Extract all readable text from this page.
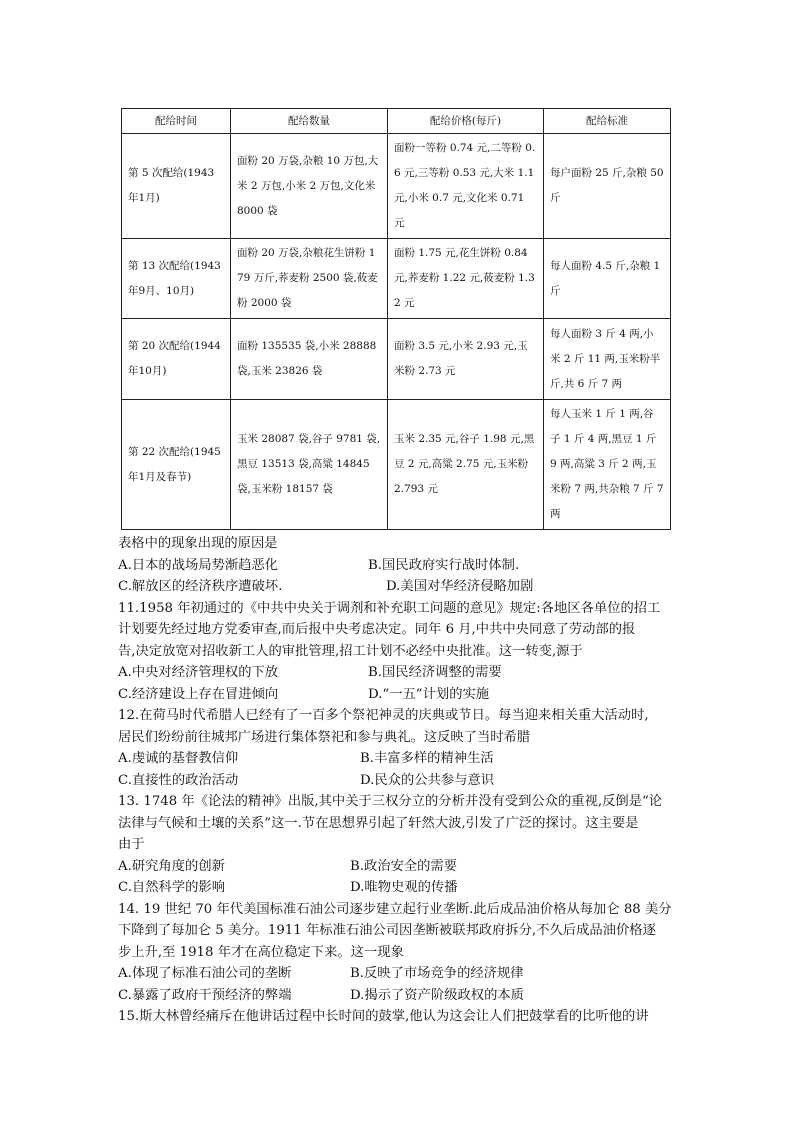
配给时间	配给数量	配给价格(每斤)	配给标准
第 5 次配给(1943年1月)	面粉 20 万袋,杂粮 10 万包,大米 2 万包,小米 2 万包,文化米 8000 袋	面粉一等粉 0.74 元,二等粉 0.6 元,三等粉 0.53 元,大米 1.1 元,小米 0.7 元,文化米 0.71 元	每户面粉 25 斤,杂粮 50 斤
第 13 次配给(1943年9月、10月)	面粉 20 万袋,杂粮花生饼粉 179 万斤,荞麦粉 2500 袋,莜麦粉 2000 袋	面粉 1.75 元,花生饼粉 0.84 元,荞麦粉 1.22 元,莜麦粉 1.32 元	每人面粉 4.5 斤,杂粮 1 斤
第 20 次配给(1944年10月)	面粉 135535 袋,小米 28888 袋,玉米 23826 袋	面粉 3.5 元,小米 2.93 元,玉米粉 2.73 元	每人面粉 3 斤 4 两,小米 2 斤 11 两,玉米粉半斤,共 6 斤 7 两
第 22 次配给(1945年1月及春节)	玉米 28087 袋,谷子 9781 袋,黑豆 13513 袋,高粱 14845 袋,玉米粉 18157 袋	玉米 2.35 元,谷子 1.98 元,黑豆 2 元,高粱 2.75 元,玉米粉 2.793 元	每人玉米 1 斤 1 两,谷子 1 斤 4 两,黑豆 1 斤 9 两,高粱 3 斤 2 两,玉米粉 7 两,共杂粮 7 斤 7 两
表格中的现象出现的原因是
A.日本的战场局势渐趋恶化	B.国民政府实行战时体制.
C.解放区的经济秩序遭破坏.	D.美国对华经济侵略加剧
11.1958 年初通过的《中共中央关于调剂和补充职工问题的意见》规定:各地区各单位的招工
计划要先经过地方党委审查,而后报中央考虑决定。同年 6 月,中共中央同意了劳动部的报
告,决定放宽对招收新工人的审批管理,招工计划不必经中央批准。这一转变,源于
A.中央对经济管理权的下放	B.国民经济调整的需要
C.经济建设上存在冒进倾向	D.“一五”计划的实施
12.在荷马时代希腊人已经有了一百多个祭祀神灵的庆典或节日。每当迎来相关重大活动时,
居民们纷纷前往城邦广场进行集体祭祀和参与典礼。这反映了当时希腊
A.虔诚的基督教信仰	B.丰富多样的精神生活
C.直接性的政治活动	D.民众的公共参与意识
13. 1748 年《论法的精神》出版,其中关于三权分立的分析并没有受到公众的重视,反倒是“论
法律与气候和土壤的关系”这一.节在思想界引起了轩然大波,引发了广泛的探讨。这主要是
由于
A.研究角度的创新	B.政治安全的需要
C.自然科学的影响	D.唯物史观的传播
14. 19 世纪 70 年代美国标准石油公司逐步建立起行业垄断.此后成品油价格从每加仑 88 美分
下降到了每加仑 5 美分。1911 年标准石油公司因垄断被联邦政府拆分,不久后成品油价格逐
步上升,至 1918 年才在高位稳定下来。这一现象
A.体现了标准石油公司的垄断	B.反映了市场竞争的经济规律
C.暴露了政府干预经济的弊端	D.揭示了资产阶级政权的本质
15.斯大林曾经痛斥在他讲话过程中长时间的鼓掌,他认为这会让人们把鼓掌看的比听他的讲
